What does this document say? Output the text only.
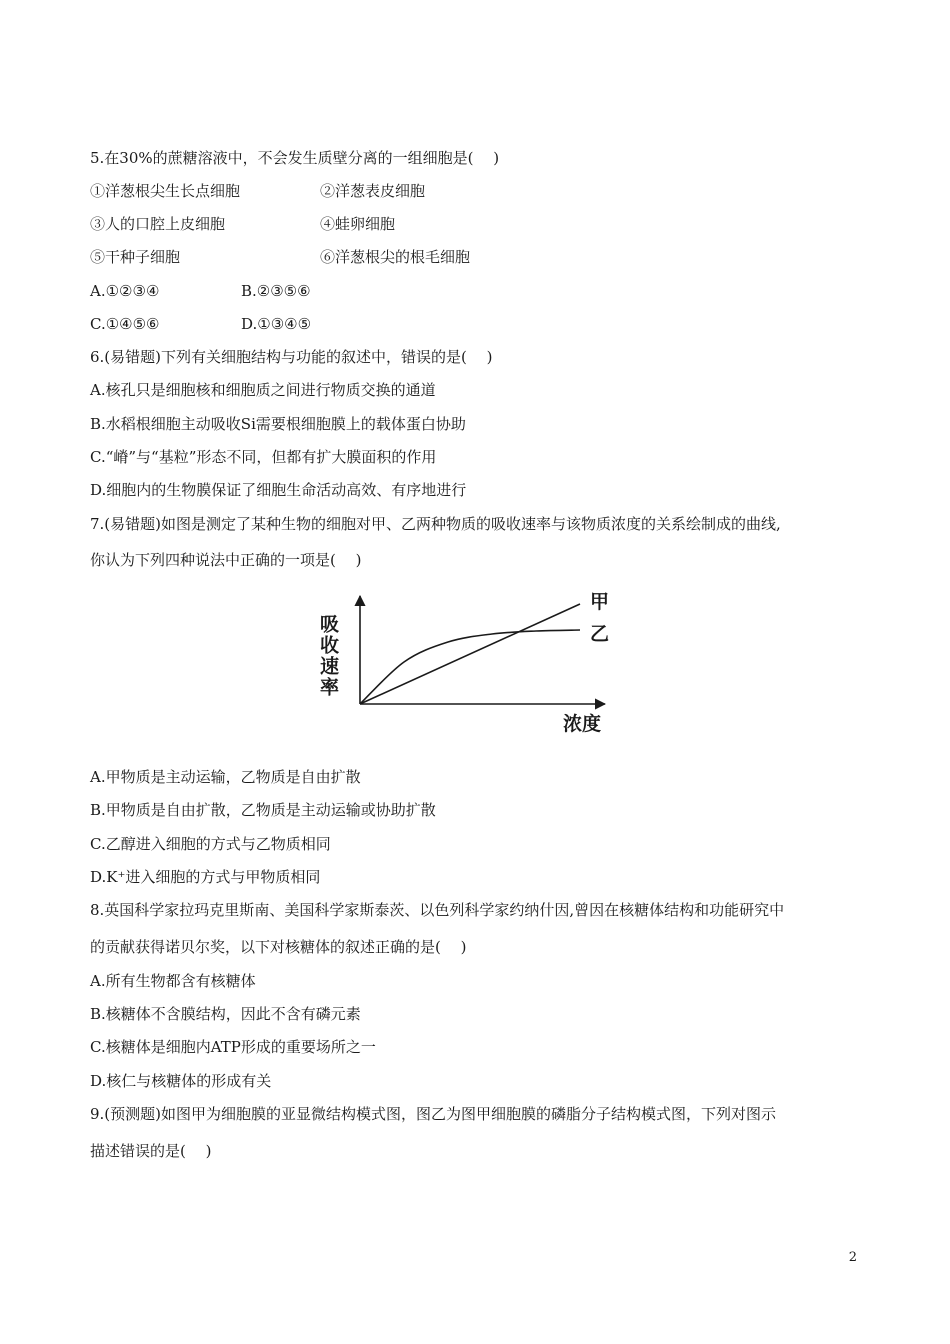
5.在30%的蔗糖溶液中，不会发生质壁分离的一组细胞是(　 )
①洋葱根尖生长点细胞	②洋葱表皮细胞
③人的口腔上皮细胞	④蛙卵细胞
⑤干种子细胞	⑥洋葱根尖的根毛细胞
A.①②③④	B.②③⑤⑥
C.①④⑤⑥	D.①③④⑤
6.(易错题)下列有关细胞结构与功能的叙述中，错误的是(　 )
A.核孔只是细胞核和细胞质之间进行物质交换的通道
B.水稻根细胞主动吸收Si需要根细胞膜上的载体蛋白协助
C.“嵴”与“基粒”形态不同，但都有扩大膜面积的作用
D.细胞内的生物膜保证了细胞生命活动高效、有序地进行
7.(易错题)如图是测定了某种生物的细胞对甲、乙两种物质的吸收速率与该物质浓度的关系绘制成的曲线,
你认为下列四种说法中正确的一项是(　 )
吸收速率
浓度
甲
乙
A.甲物质是主动运输，乙物质是自由扩散
B.甲物质是自由扩散，乙物质是主动运输或协助扩散
C.乙醇进入细胞的方式与乙物质相同
D.K⁺进入细胞的方式与甲物质相同
8.英国科学家拉玛克里斯南、美国科学家斯泰茨、以色列科学家约纳什因,曾因在核糖体结构和功能研究中
的贡献获得诺贝尔奖，以下对核糖体的叙述正确的是(　 )
A.所有生物都含有核糖体
B.核糖体不含膜结构，因此不含有磷元素
C.核糖体是细胞内ATP形成的重要场所之一
D.核仁与核糖体的形成有关
9.(预测题)如图甲为细胞膜的亚显微结构模式图，图乙为图甲细胞膜的磷脂分子结构模式图，下列对图示
描述错误的是(　 )
2
